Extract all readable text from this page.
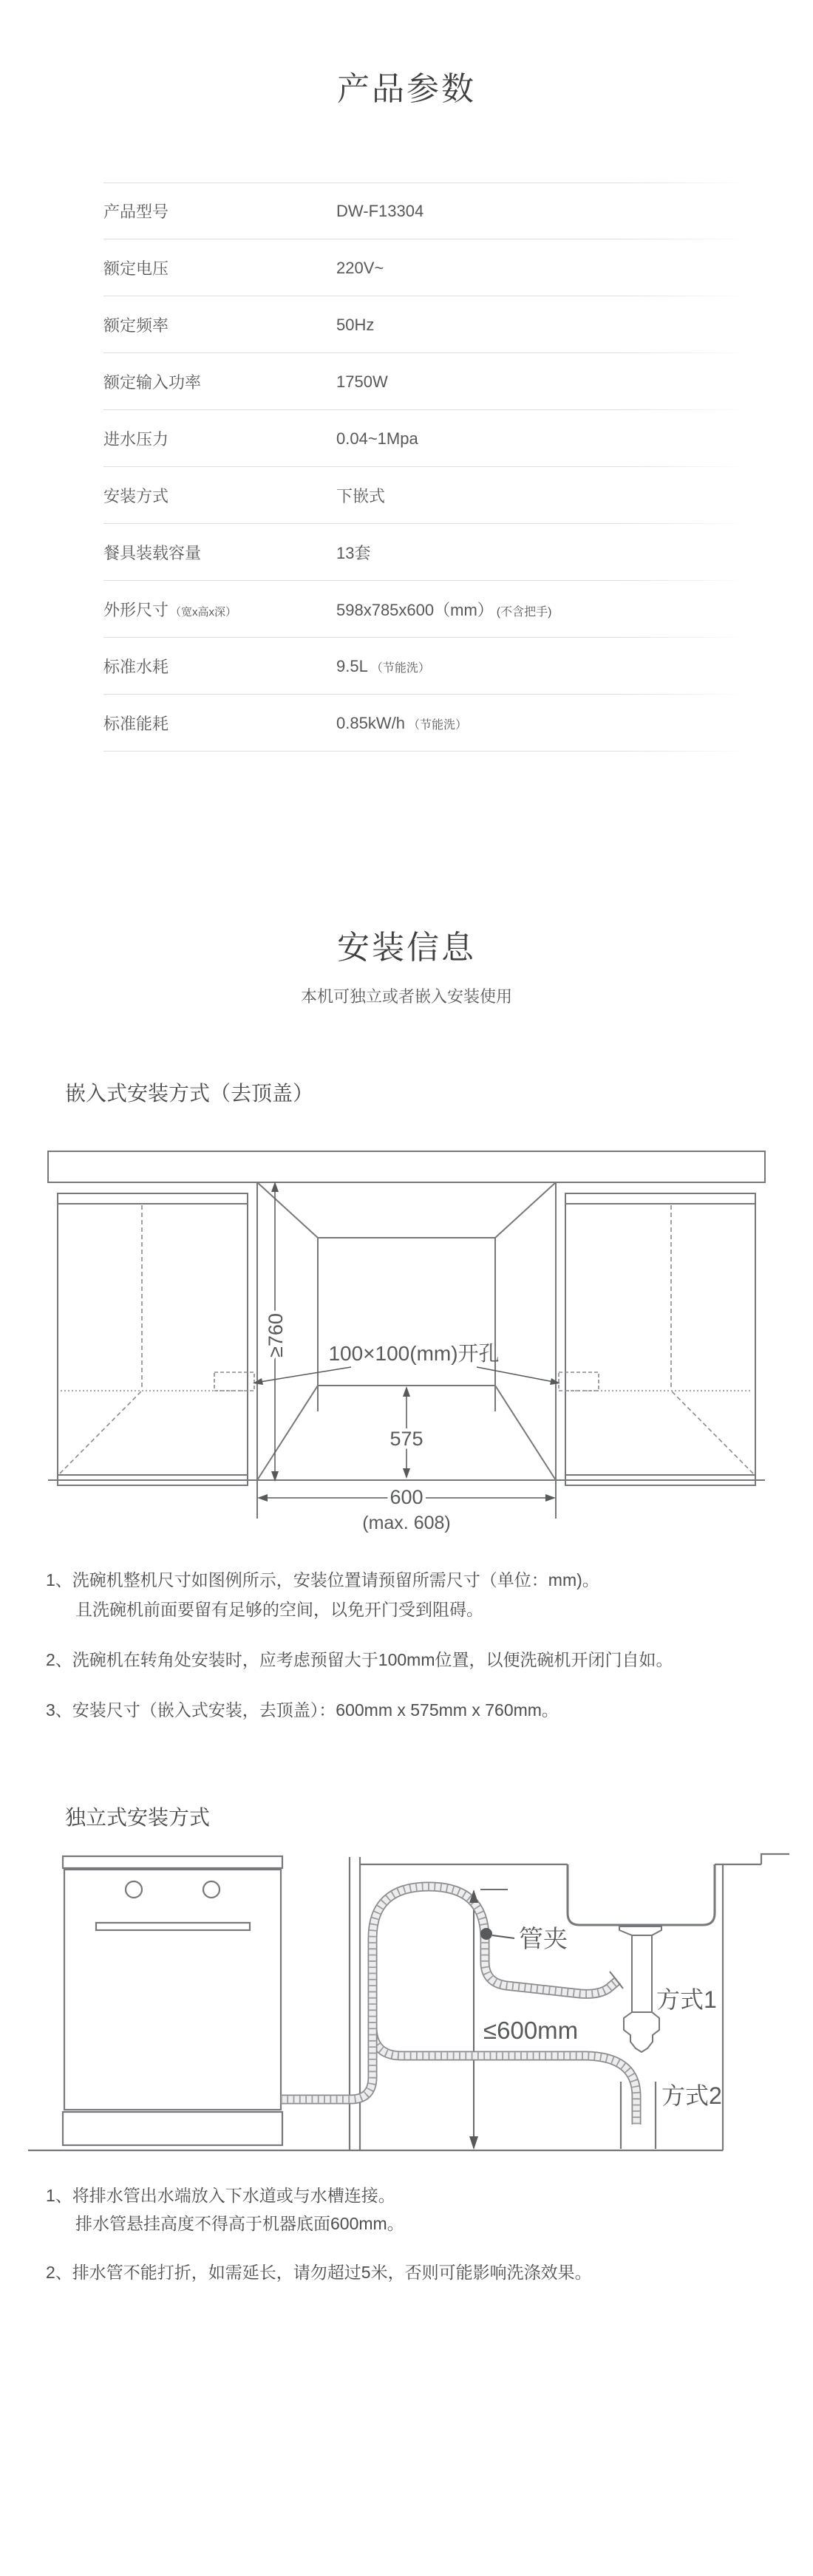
产品参数
产品型号	DW-F13304
额定电压	220V~
额定频率	50Hz
额定输入功率	1750W
进水压力	0.04~1Mpa
安装方式	下嵌式
餐具装载容量	13套
外形尺寸 （宽x高x深）	598x785x600（mm） (不含把手)
标准水耗	9.5L （节能洗）
标准能耗	0.85kW/h （节能洗）
安装信息
本机可独立或者嵌入安装使用
嵌入式安装方式（去顶盖）
≥760 100×100(mm)开孔
575
600
(max. 608)
1、洗碗机整机尺寸如图例所示，安装位置请预留所需尺寸（单位：mm)。
且洗碗机前面要留有足够的空间，以免开门受到阻碍。
2、洗碗机在转角处安装时，应考虑预留大于100mm位置，以便洗碗机开闭门自如。
3、安装尺寸（嵌入式安装，去顶盖）：600mm x 575mm x 760mm。
独立式安装方式
管夹
方式1
方式2
≤600mm
1、将排水管出水端放入下水道或与水槽连接。
排水管悬挂高度不得高于机器底面600mm。
2、排水管不能打折，如需延长，请勿超过5米，否则可能影响洗涤效果。
